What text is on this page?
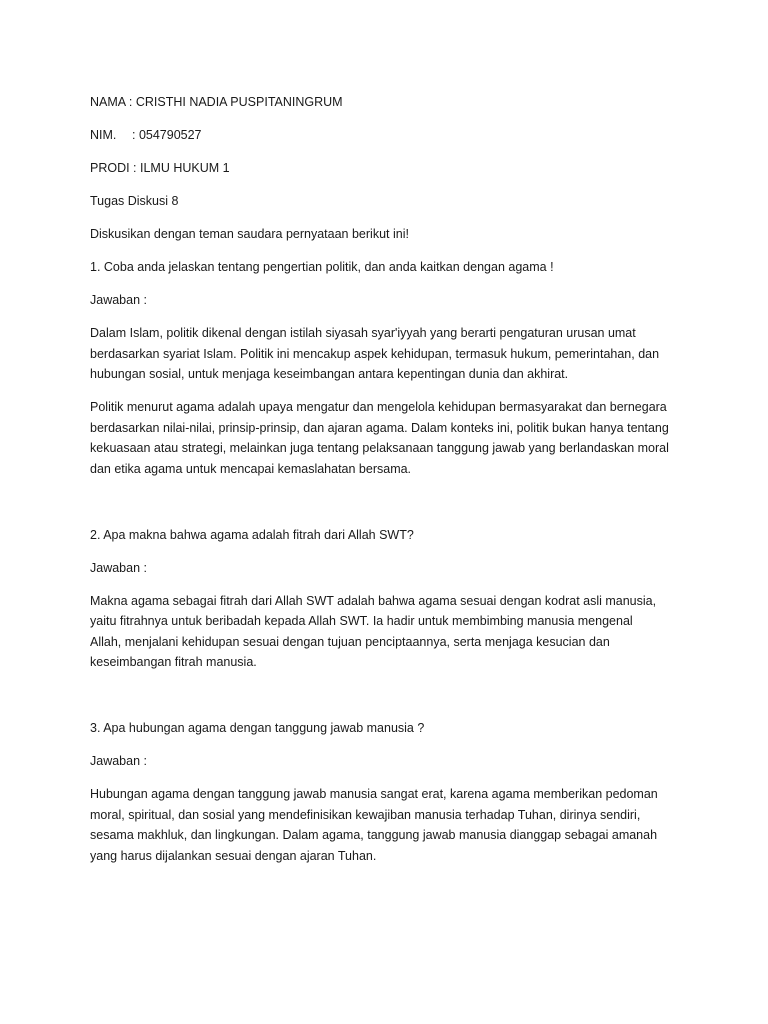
NAMA : CRISTHI NADIA PUSPITANINGRUM

NIM. : 054790527

PRODI : ILMU HUKUM 1

Tugas Diskusi 8

Diskusikan dengan teman saudara pernyataan berikut ini!

1. Coba anda jelaskan tentang pengertian politik, dan anda kaitkan dengan agama !

Jawaban :

Dalam Islam, politik dikenal dengan istilah siyasah syar'iyyah yang berarti pengaturan urusan umat

berdasarkan syariat Islam. Politik ini mencakup aspek kehidupan, termasuk hukum, pemerintahan, dan

hubungan sosial, untuk menjaga keseimbangan antara kepentingan dunia dan akhirat.

Politik menurut agama adalah upaya mengatur dan mengelola kehidupan bermasyarakat dan bernegara

berdasarkan nilai-nilai, prinsip-prinsip, dan ajaran agama. Dalam konteks ini, politik bukan hanya tentang

kekuasaan atau strategi, melainkan juga tentang pelaksanaan tanggung jawab yang berlandaskan moral

dan etika agama untuk mencapai kemaslahatan bersama.

2. Apa makna bahwa agama adalah fitrah dari Allah SWT?

Jawaban :

Makna agama sebagai fitrah dari Allah SWT adalah bahwa agama sesuai dengan kodrat asli manusia,

yaitu fitrahnya untuk beribadah kepada Allah SWT. Ia hadir untuk membimbing manusia mengenal

Allah, menjalani kehidupan sesuai dengan tujuan penciptaannya, serta menjaga kesucian dan

keseimbangan fitrah manusia.

3. Apa hubungan agama dengan tanggung jawab manusia ?

Jawaban :

Hubungan agama dengan tanggung jawab manusia sangat erat, karena agama memberikan pedoman

moral, spiritual, dan sosial yang mendefinisikan kewajiban manusia terhadap Tuhan, dirinya sendiri,

sesama makhluk, dan lingkungan. Dalam agama, tanggung jawab manusia dianggap sebagai amanah

yang harus dijalankan sesuai dengan ajaran Tuhan.
